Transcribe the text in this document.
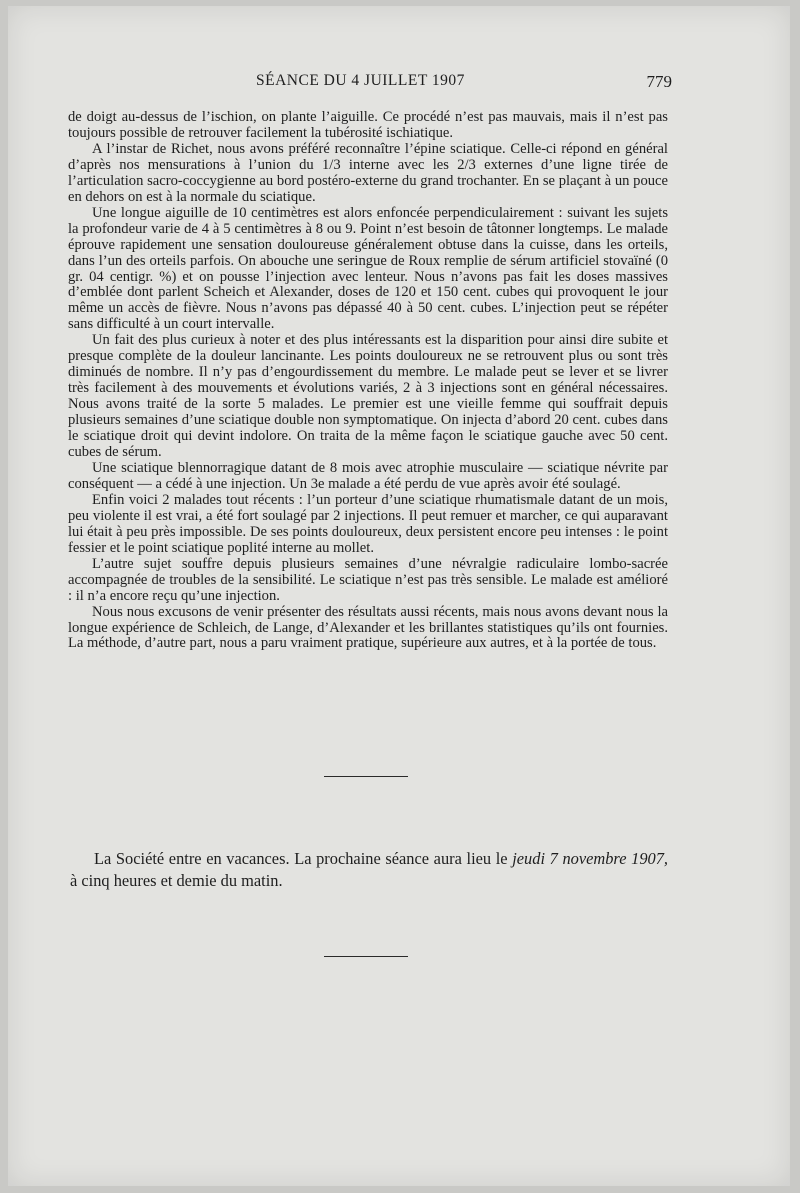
SÉANCE DU 4 JUILLET 1907	779

de doigt au-dessus de l’ischion, on plante l’aiguille. Ce procédé n’est pas mauvais, mais il n’est pas toujours possible de retrouver facilement la tubérosité ischiatique.

A l’instar de Richet, nous avons préféré reconnaître l’épine sciatique. Celle-ci répond en général d’après nos mensurations à l’union du 1/3 interne avec les 2/3 externes d’une ligne tirée de l’articulation sacro-coccygienne au bord postéro-externe du grand trochanter. En se plaçant à un pouce en dehors on est à la normale du sciatique.

Une longue aiguille de 10 centimètres est alors enfoncée perpendiculairement : suivant les sujets la profondeur varie de 4 à 5 centimètres à 8 ou 9. Point n’est besoin de tâtonner longtemps. Le malade éprouve rapidement une sensation douloureuse généralement obtuse dans la cuisse, dans les orteils, dans l’un des orteils parfois. On abouche une seringue de Roux remplie de sérum artificiel stovaïné (0 gr. 04 centigr. %) et on pousse l’injection avec lenteur. Nous n’avons pas fait les doses massives d’emblée dont parlent Scheich et Alexander, doses de 120 et 150 cent. cubes qui provoquent le jour même un accès de fièvre. Nous n’avons pas dépassé 40 à 50 cent. cubes. L’injection peut se répéter sans difficulté à un court intervalle.

Un fait des plus curieux à noter et des plus intéressants est la disparition pour ainsi dire subite et presque complète de la douleur lancinante. Les points douloureux ne se retrouvent plus ou sont très diminués de nombre. Il n’y pas d’engourdissement du membre. Le malade peut se lever et se livrer très facilement à des mouvements et évolutions variés, 2 à 3 injections sont en général nécessaires. Nous avons traité de la sorte 5 malades. Le premier est une vieille femme qui souffrait depuis plusieurs semaines d’une sciatique double non symptomatique. On injecta d’abord 20 cent. cubes dans le sciatique droit qui devint indolore. On traita de la même façon le sciatique gauche avec 50 cent. cubes de sérum.

Une sciatique blennorragique datant de 8 mois avec atrophie musculaire — sciatique névrite par conséquent — a cédé à une injection. Un 3e malade a été perdu de vue après avoir été soulagé.

Enfin voici 2 malades tout récents : l’un porteur d’une sciatique rhumatismale datant de un mois, peu violente il est vrai, a été fort soulagé par 2 injections. Il peut remuer et marcher, ce qui auparavant lui était à peu près impossible. De ses points douloureux, deux persistent encore peu intenses : le point fessier et le point sciatique poplité interne au mollet.

L’autre sujet souffre depuis plusieurs semaines d’une névralgie radiculaire lombo-sacrée accompagnée de troubles de la sensibilité. Le sciatique n’est pas très sensible. Le malade est amélioré : il n’a encore reçu qu’une injection.

Nous nous excusons de venir présenter des résultats aussi récents, mais nous avons devant nous la longue expérience de Schleich, de Lange, d’Alexander et les brillantes statistiques qu’ils ont fournies. La méthode, d’autre part, nous a paru vraiment pratique, supérieure aux autres, et à la portée de tous.

La Société entre en vacances. La prochaine séance aura lieu le jeudi 7 novembre 1907, à cinq heures et demie du matin.
